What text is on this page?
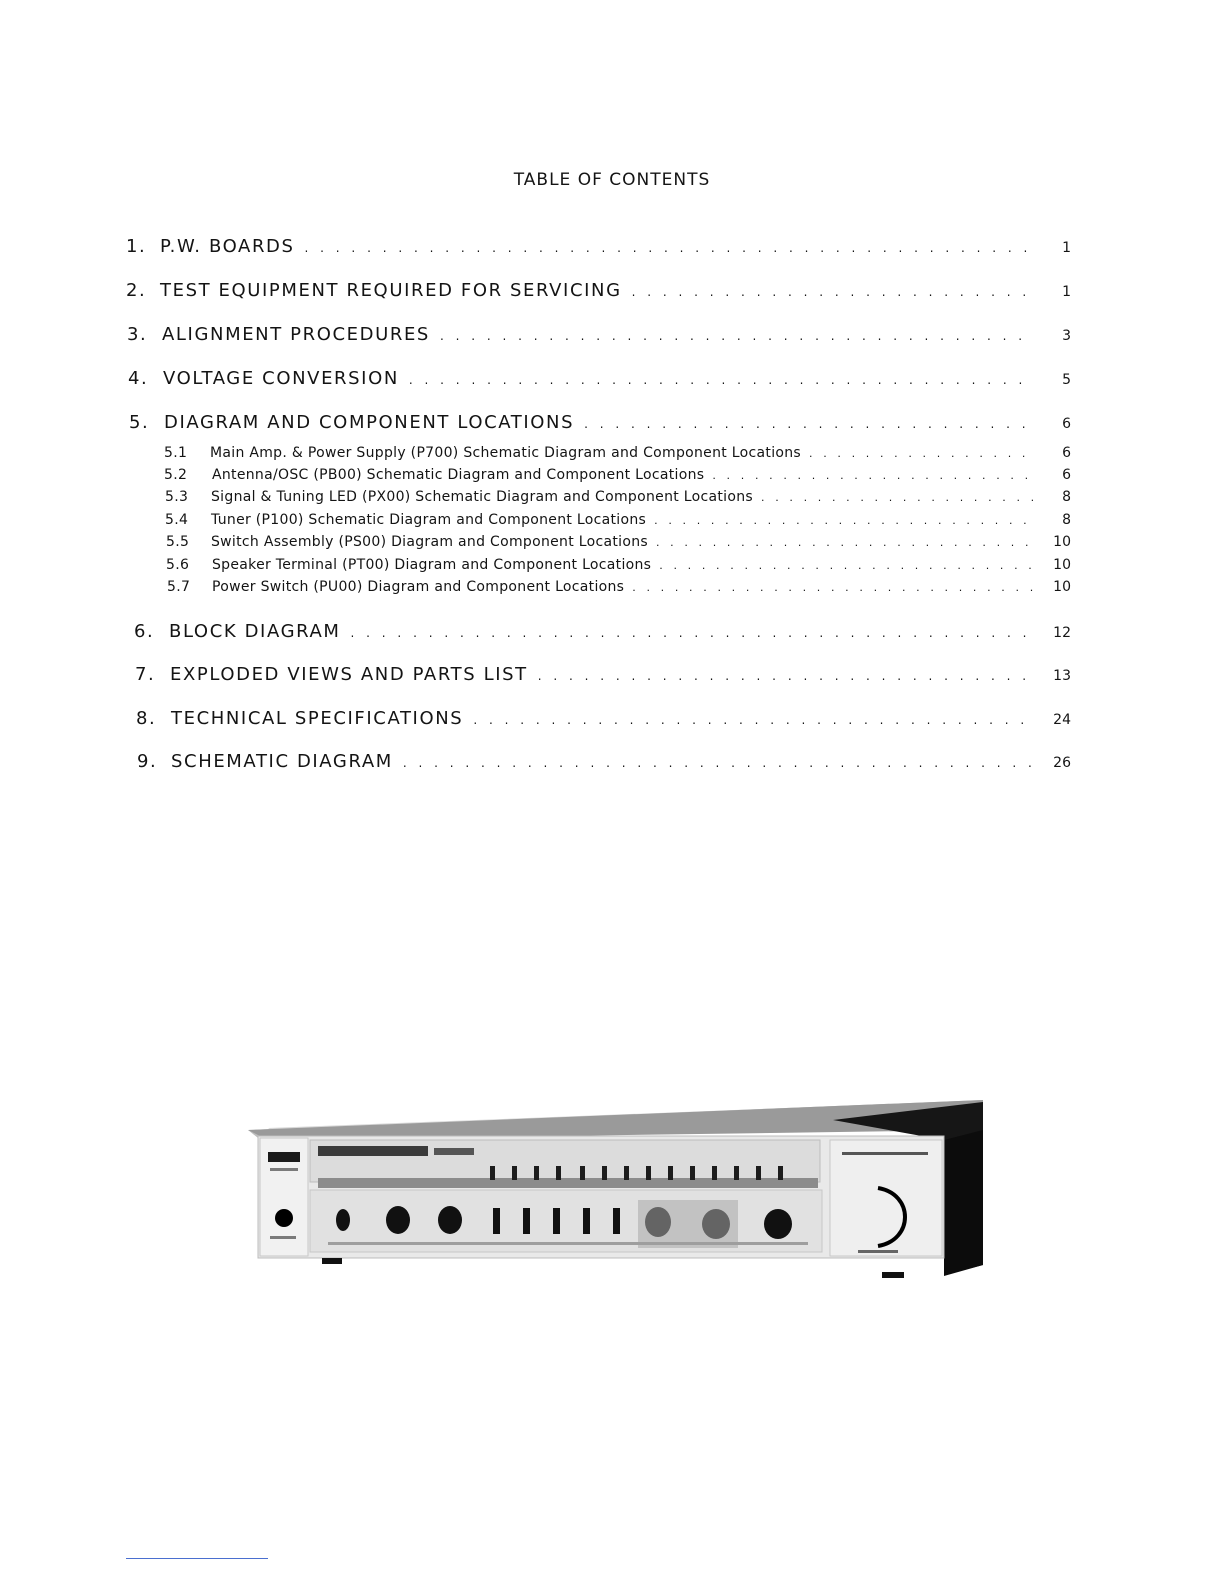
TABLE OF CONTENTS
1. P.W. BOARDS . . .	1
2. TEST EQUIPMENT REQUIRED FOR SERVICING . . .	1
3. ALIGNMENT PROCEDURES . . .	3
4. VOLTAGE CONVERSION . . .	5
5. DIAGRAM AND COMPONENT LOCATIONS . . .	6
5.1	Main Amp. & Power Supply (P700) Schematic Diagram and Component Locations . . .	6
5.2	Antenna/OSC (PB00) Schematic Diagram and Component Locations . . .	6
5.3	Signal & Tuning LED (PX00) Schematic Diagram and Component Locations . . .	8
5.4	Tuner (P100) Schematic Diagram and Component Locations . . .	8
5.5	Switch Assembly (PS00) Diagram and Component Locations . . .	10
5.6	Speaker Terminal (PT00) Diagram and Component Locations . . .	10
5.7	Power Switch (PU00) Diagram and Component Locations . . .	10
6. BLOCK DIAGRAM . . .	12
7. EXPLODED VIEWS AND PARTS LIST . . .	13
8. TECHNICAL SPECIFICATIONS . . .	24
9. SCHEMATIC DIAGRAM . . .	26
